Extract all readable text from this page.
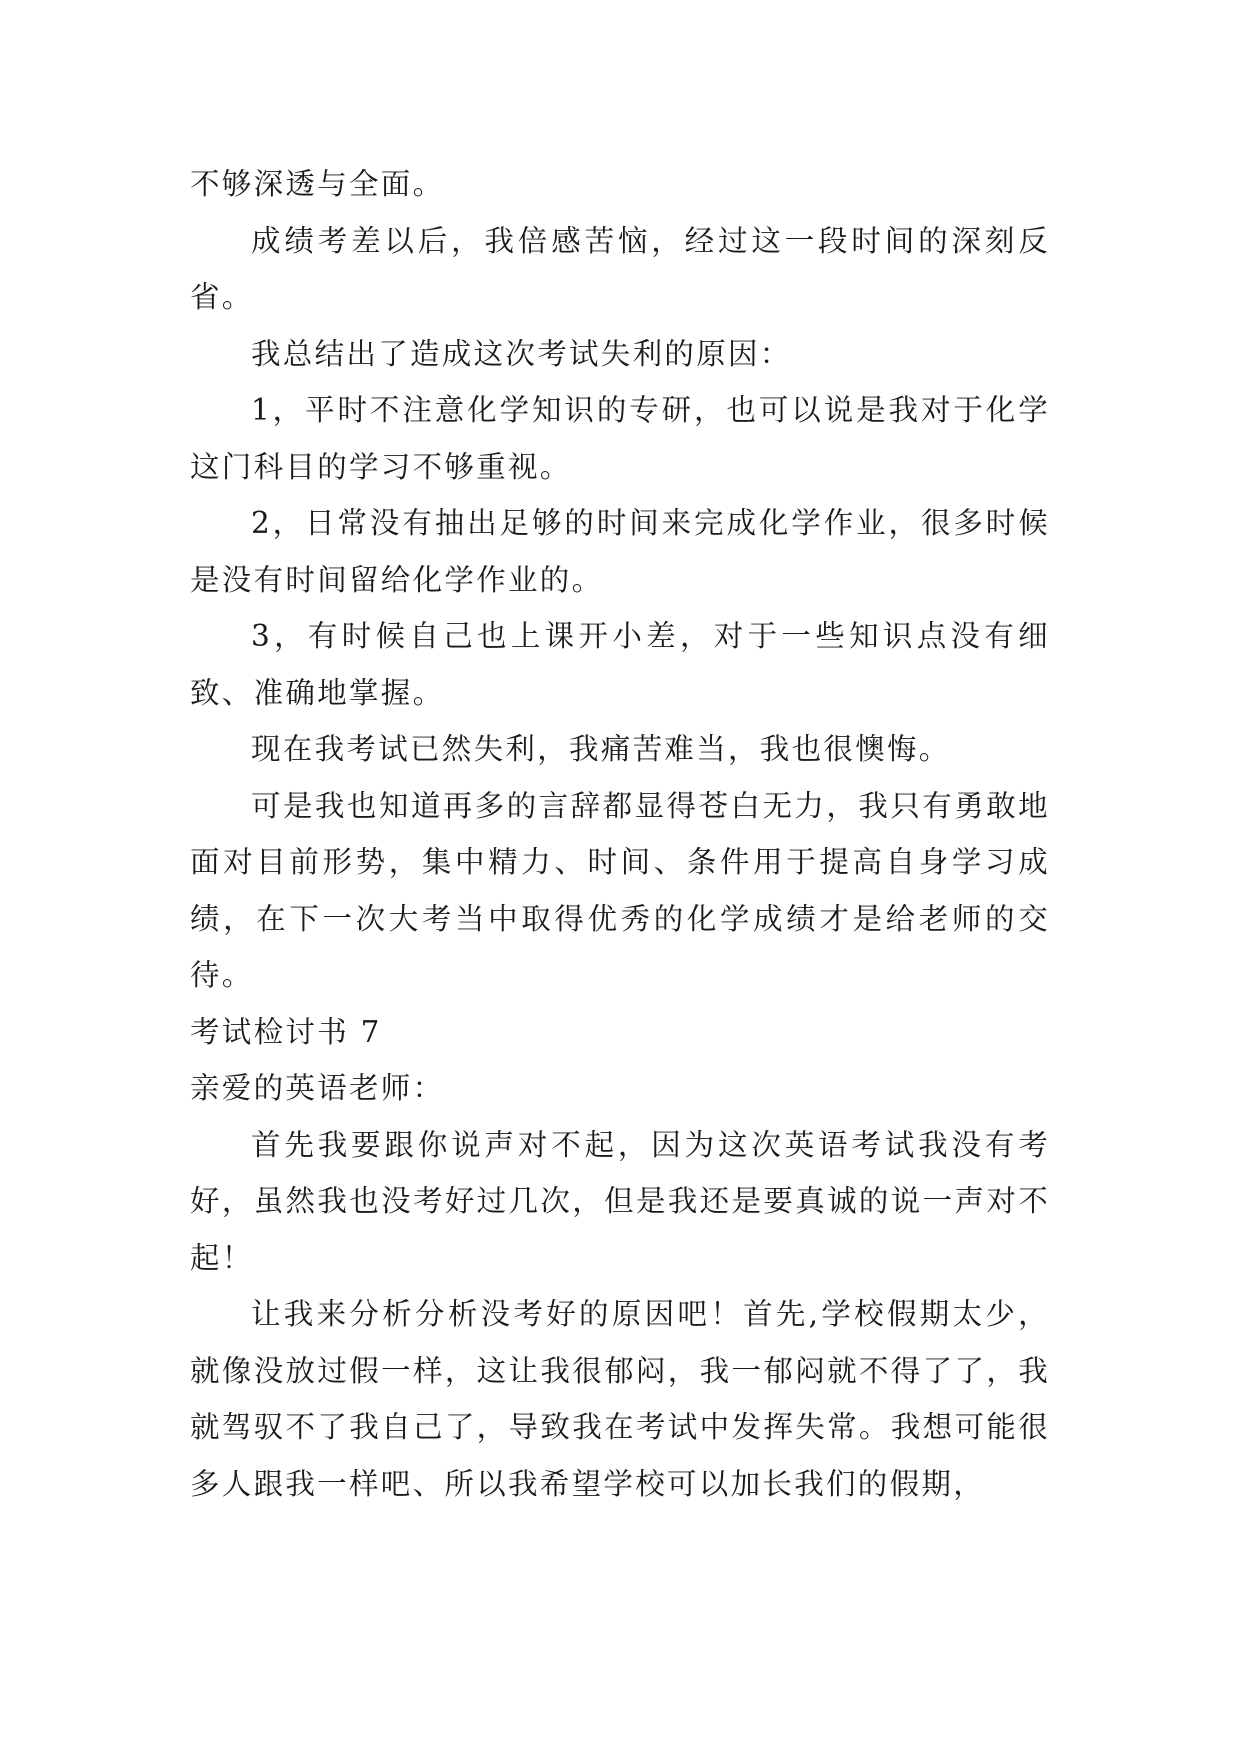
不够深透与全面。

成绩考差以后，我倍感苦恼，经过这一段时间的深刻反省。

我总结出了造成这次考试失利的原因：

1，平时不注意化学知识的专研，也可以说是我对于化学这门科目的学习不够重视。

2，日常没有抽出足够的时间来完成化学作业，很多时候是没有时间留给化学作业的。

3，有时候自己也上课开小差，对于一些知识点没有细致、准确地掌握。

现在我考试已然失利，我痛苦难当，我也很懊悔。

可是我也知道再多的言辞都显得苍白无力，我只有勇敢地面对目前形势，集中精力、时间、条件用于提高自身学习成绩，在下一次大考当中取得优秀的化学成绩才是给老师的交待。

考试检讨书 7

亲爱的英语老师：

首先我要跟你说声对不起，因为这次英语考试我没有考好，虽然我也没考好过几次，但是我还是要真诚的说一声对不起！

让我来分析分析没考好的原因吧！首先,学校假期太少，就像没放过假一样，这让我很郁闷，我一郁闷就不得了了，我就驾驭不了我自己了，导致我在考试中发挥失常。我想可能很多人跟我一样吧、所以我希望学校可以加长我们的假期，
